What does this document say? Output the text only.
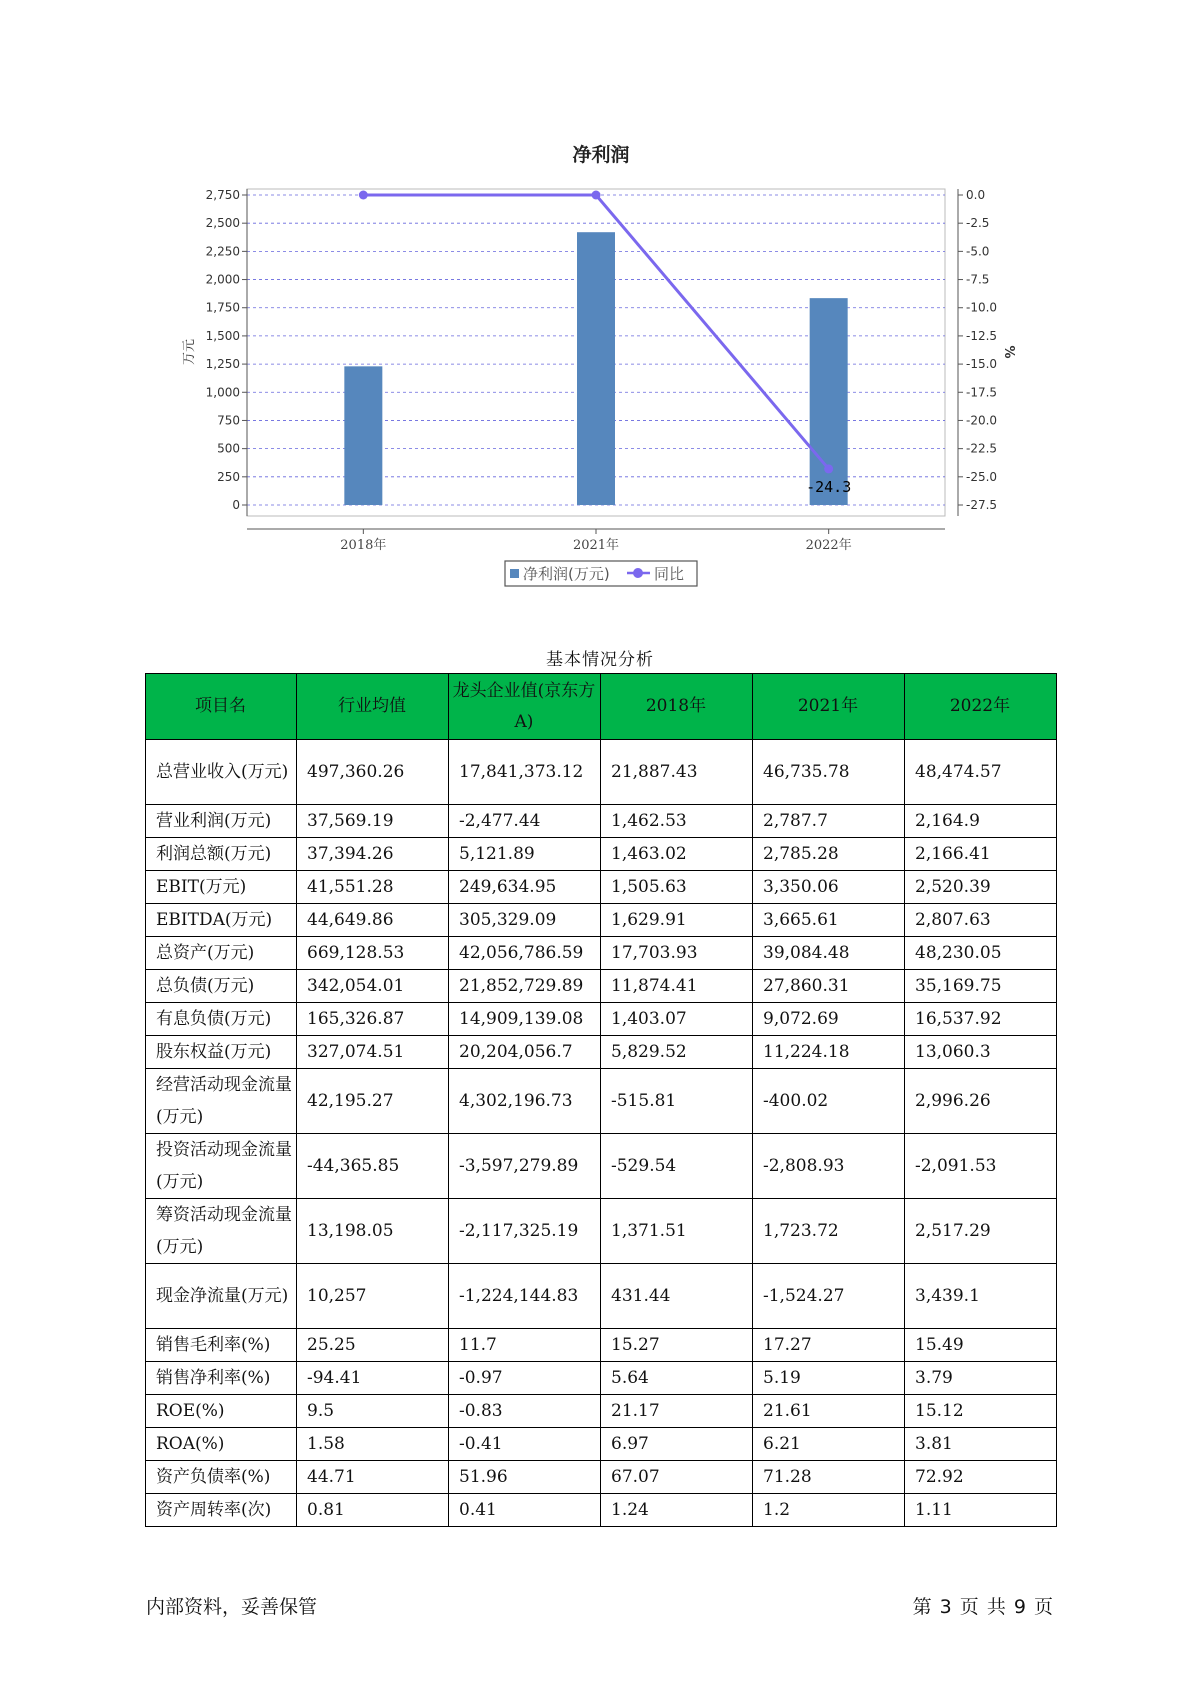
净利润
0
250
500
750
1,000
1,250
1,500
1,750
2,000
2,250
2,500
2,750	0.0
-2.5
-5.0
-7.5
-10.0
-12.5
-15.0
-17.5
-20.0
-22.5
-25.0
-27.5
2018年	2021年	2022年
万元	%
-24.3
净利润(万元)	同比
基本情况分析
项目名	行业均值	龙头企业值(京东方A)	2018年	2021年	2022年
总营业收入(万元)	497,360.26	17,841,373.12	21,887.43	46,735.78	48,474.57
营业利润(万元)	37,569.19	-2,477.44	1,462.53	2,787.7	2,164.9
利润总额(万元)	37,394.26	5,121.89	1,463.02	2,785.28	2,166.41
EBIT(万元)	41,551.28	249,634.95	1,505.63	3,350.06	2,520.39
EBITDA(万元)	44,649.86	305,329.09	1,629.91	3,665.61	2,807.63
总资产(万元)	669,128.53	42,056,786.59	17,703.93	39,084.48	48,230.05
总负债(万元)	342,054.01	21,852,729.89	11,874.41	27,860.31	35,169.75
有息负债(万元)	165,326.87	14,909,139.08	1,403.07	9,072.69	16,537.92
股东权益(万元)	327,074.51	20,204,056.7	5,829.52	11,224.18	13,060.3
经营活动现金流量(万元)	42,195.27	4,302,196.73	-515.81	-400.02	2,996.26
投资活动现金流量(万元)	-44,365.85	-3,597,279.89	-529.54	-2,808.93	-2,091.53
筹资活动现金流量(万元)	13,198.05	-2,117,325.19	1,371.51	1,723.72	2,517.29
现金净流量(万元)	10,257	-1,224,144.83	431.44	-1,524.27	3,439.1
销售毛利率(%)	25.25	11.7	15.27	17.27	15.49
销售净利率(%)	-94.41	-0.97	5.64	5.19	3.79
ROE(%)	9.5	-0.83	21.17	21.61	15.12
ROA(%)	1.58	-0.41	6.97	6.21	3.81
资产负债率(%)	44.71	51.96	67.07	71.28	72.92
资产周转率(次)	0.81	0.41	1.24	1.2	1.11
内部资料，妥善保管	第 3 页 共 9 页
